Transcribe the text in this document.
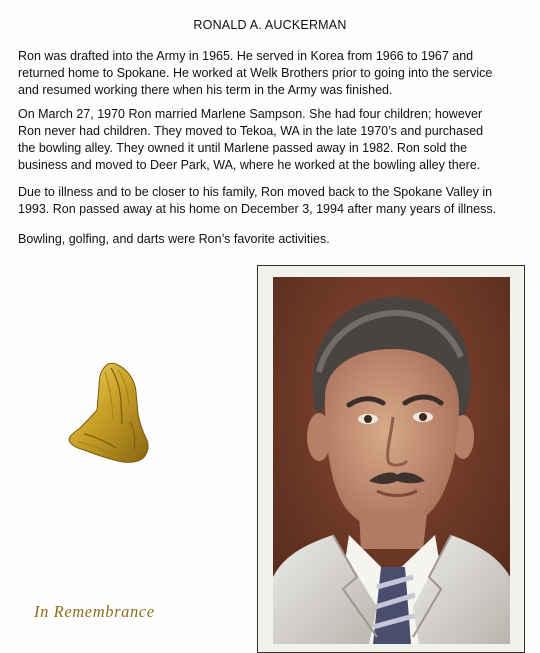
RONALD A. AUCKERMAN
Ron was drafted into the Army in 1965. He served in Korea from 1966 to 1967 and
returned home to Spokane. He worked at Welk Brothers prior to going into the service
and resumed working there when his term in the Army was finished.
On March 27, 1970 Ron married Marlene Sampson. She had four children; however
Ron never had children. They moved to Tekoa, WA in the late 1970’s and purchased
the bowling alley. They owned it until Marlene passed away in 1982. Ron sold the
business and moved to Deer Park, WA, where he worked at the bowling alley there.
Due to illness and to be closer to his family, Ron moved back to the Spokane Valley in
1993. Ron passed away at his home on December 3, 1994 after many years of illness.
Bowling, golfing, and darts were Ron’s favorite activities.
In Remembrance
